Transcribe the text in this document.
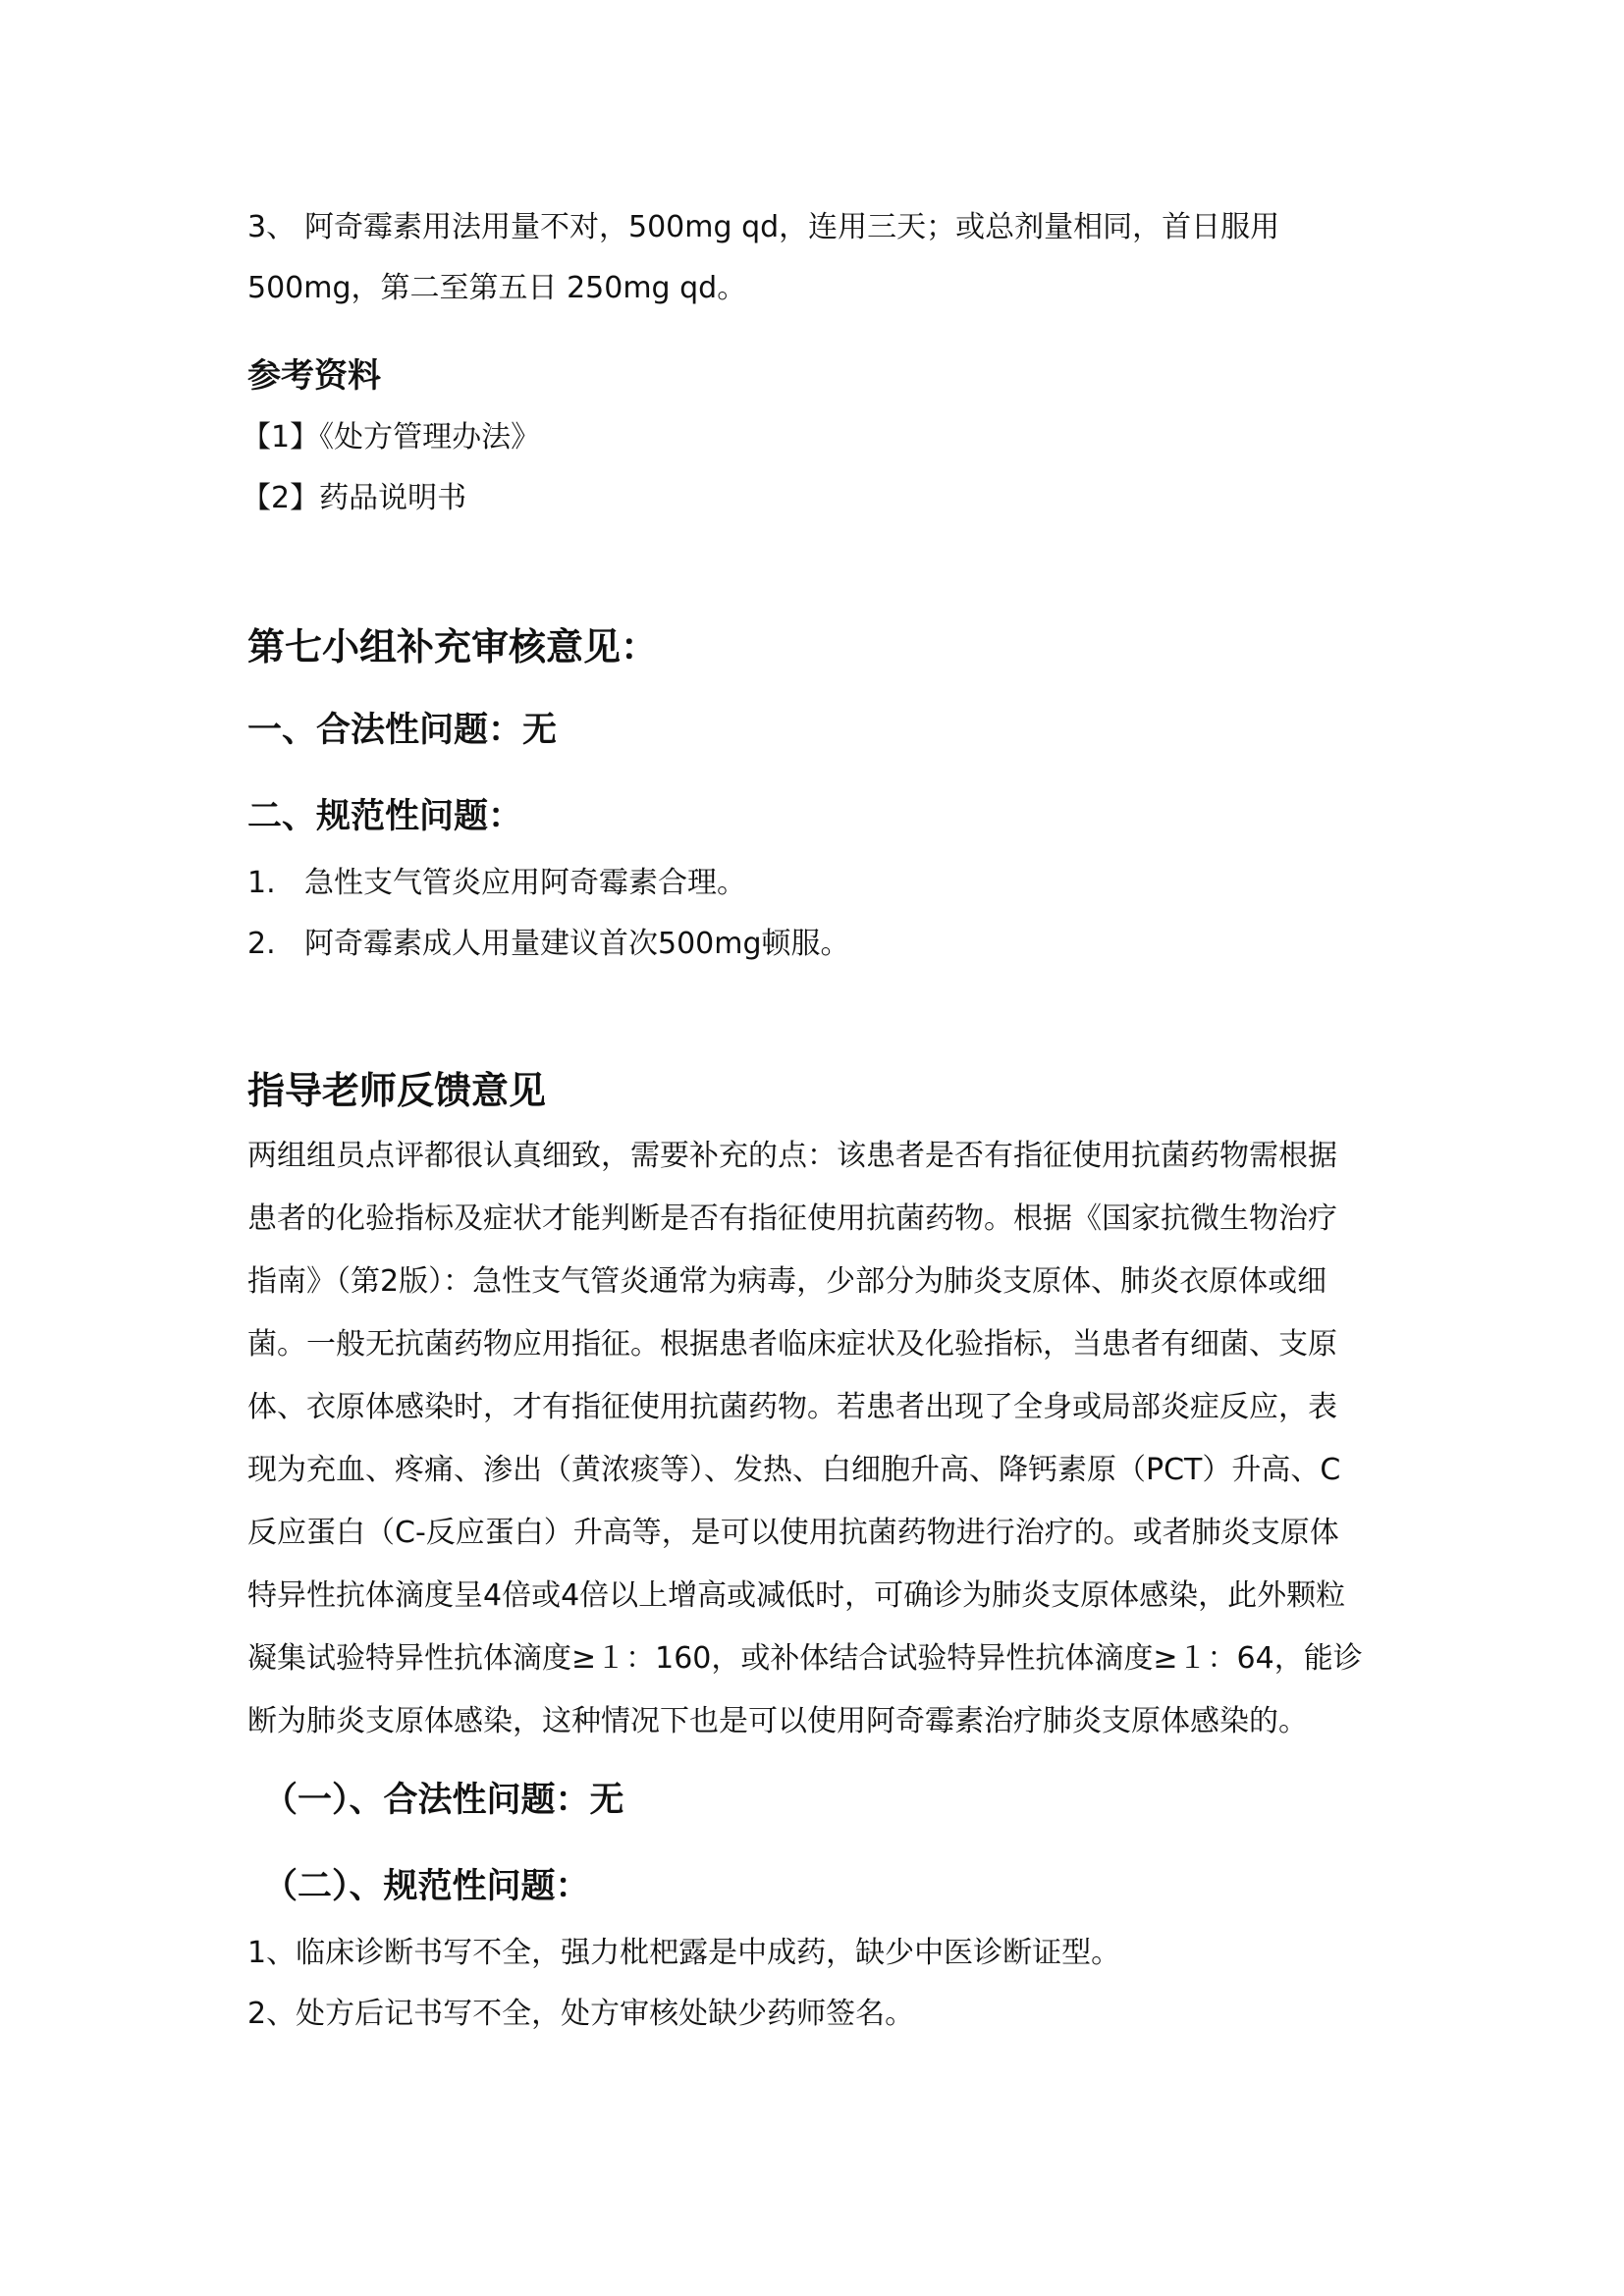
3、 阿奇霉素用法用量不对，500mg qd，连用三天；或总剂量相同，首日服用
500mg，第二至第五日 250mg qd。
参考资料
【1】《处方管理办法》
【2】药品说明书
第七小组补充审核意见：
一、合法性问题：无
二、规范性问题：
1. 急性支气管炎应用阿奇霉素合理。
2. 阿奇霉素成人用量建议首次500mg顿服。
指导老师反馈意见
两组组员点评都很认真细致，需要补充的点：该患者是否有指征使用抗菌药物需根据
患者的化验指标及症状才能判断是否有指征使用抗菌药物。根据《国家抗微生物治疗
指南》（第2版）：急性支气管炎通常为病毒，少部分为肺炎支原体、肺炎衣原体或细
菌。一般无抗菌药物应用指征。根据患者临床症状及化验指标，当患者有细菌、支原
体、衣原体感染时，才有指征使用抗菌药物。若患者出现了全身或局部炎症反应，表
现为充血、疼痛、渗出（黄浓痰等）、发热、白细胞升高、降钙素原（PCT）升高、C
反应蛋白（C-反应蛋白）升高等，是可以使用抗菌药物进行治疗的。或者肺炎支原体
特异性抗体滴度呈4倍或4倍以上增高或减低时，可确诊为肺炎支原体感染，此外颗粒
凝集试验特异性抗体滴度≥１：160，或补体结合试验特异性抗体滴度≥１：64，能诊
断为肺炎支原体感染，这种情况下也是可以使用阿奇霉素治疗肺炎支原体感染的。
（一）、合法性问题：无
（二）、规范性问题：
1、临床诊断书写不全，强力枇杷露是中成药，缺少中医诊断证型。
2、处方后记书写不全，处方审核处缺少药师签名。
